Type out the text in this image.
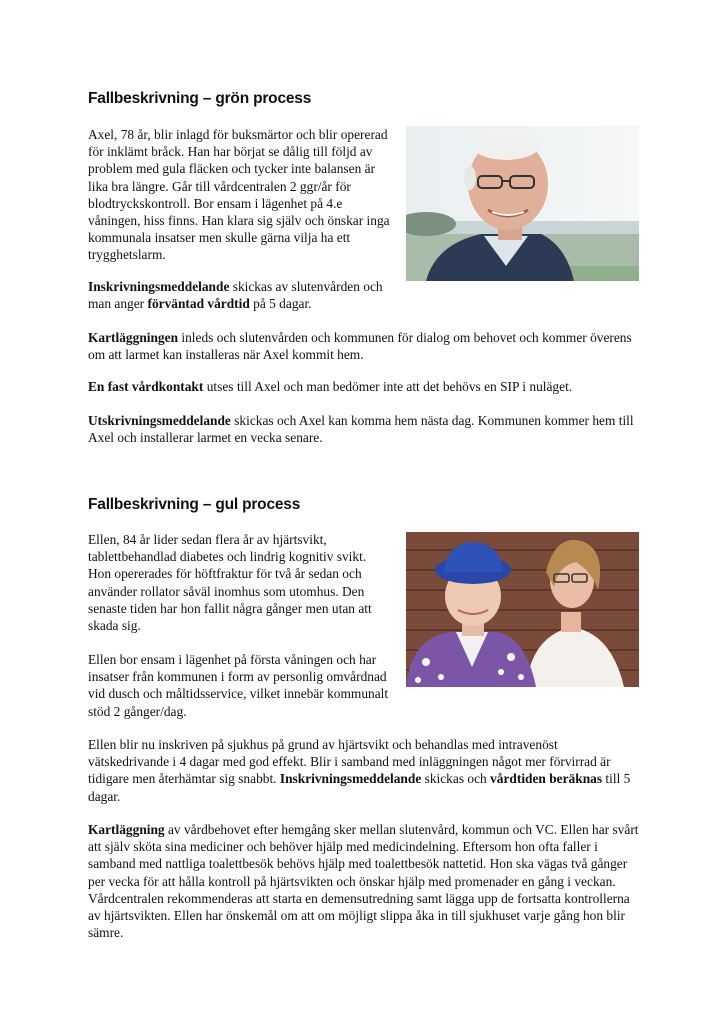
Fallbeskrivning – grön process

Axel, 78 år, blir inlagd för buksmärtor och blir opererad för inklämt bråck. Han har börjat se dålig till följd av problem med gula fläcken och tycker inte balansen är lika bra längre. Går till vårdcentralen 2 ggr/år för blodtryckskontroll. Bor ensam i lägenhet på 4.e våningen, hiss finns. Han klara sig själv och önskar inga kommunala insatser men skulle gärna vilja ha ett trygghetslarm.

Inskrivningsmeddelande skickas av slutenvården och man anger förväntad vårdtid på 5 dagar.

Kartläggningen inleds och slutenvården och kommunen för dialog om behovet och kommer överens om att larmet kan installeras när Axel kommit hem.

En fast vårdkontakt utses till Axel och man bedömer inte att det behövs en SIP i nuläget.

Utskrivningsmeddelande skickas och Axel kan komma hem nästa dag. Kommunen kommer hem till Axel och installerar larmet en vecka senare.

Fallbeskrivning – gul process

Ellen, 84 år lider sedan flera år av hjärtsvikt, tablettbehandlad diabetes och lindrig kognitiv svikt. Hon opererades för höftfraktur för två år sedan och använder rollator såväl inomhus som utomhus. Den senaste tiden har hon fallit några gånger men utan att skada sig.

Ellen bor ensam i lägenhet på första våningen och har insatser från kommunen i form av personlig omvårdnad vid dusch och måltidsservice, vilket innebär kommunalt stöd 2 gånger/dag.

Ellen blir nu inskriven på sjukhus på grund av hjärtsvikt och behandlas med intravenöst vätskedrivande i 4 dagar med god effekt. Blir i samband med inläggningen något mer förvirrad är tidigare men återhämtar sig snabbt. Inskrivningsmeddelande skickas och vårdtiden beräknas till 5 dagar.

Kartläggning av vårdbehovet efter hemgång sker mellan slutenvård, kommun och VC. Ellen har svårt att själv sköta sina mediciner och behöver hjälp med medicindelning. Eftersom hon ofta faller i samband med nattliga toalettbesök behövs hjälp med toalettbesök nattetid. Hon ska vägas två gånger per vecka för att hålla kontroll på hjärtsvikten och önskar hjälp med promenader en gång i veckan. Vårdcentralen rekommenderas att starta en demensutredning samt lägga upp de fortsatta kontrollerna av hjärtsvikten. Ellen har önskemål om att om möjligt slippa åka in till sjukhuset varje gång hon blir sämre.
